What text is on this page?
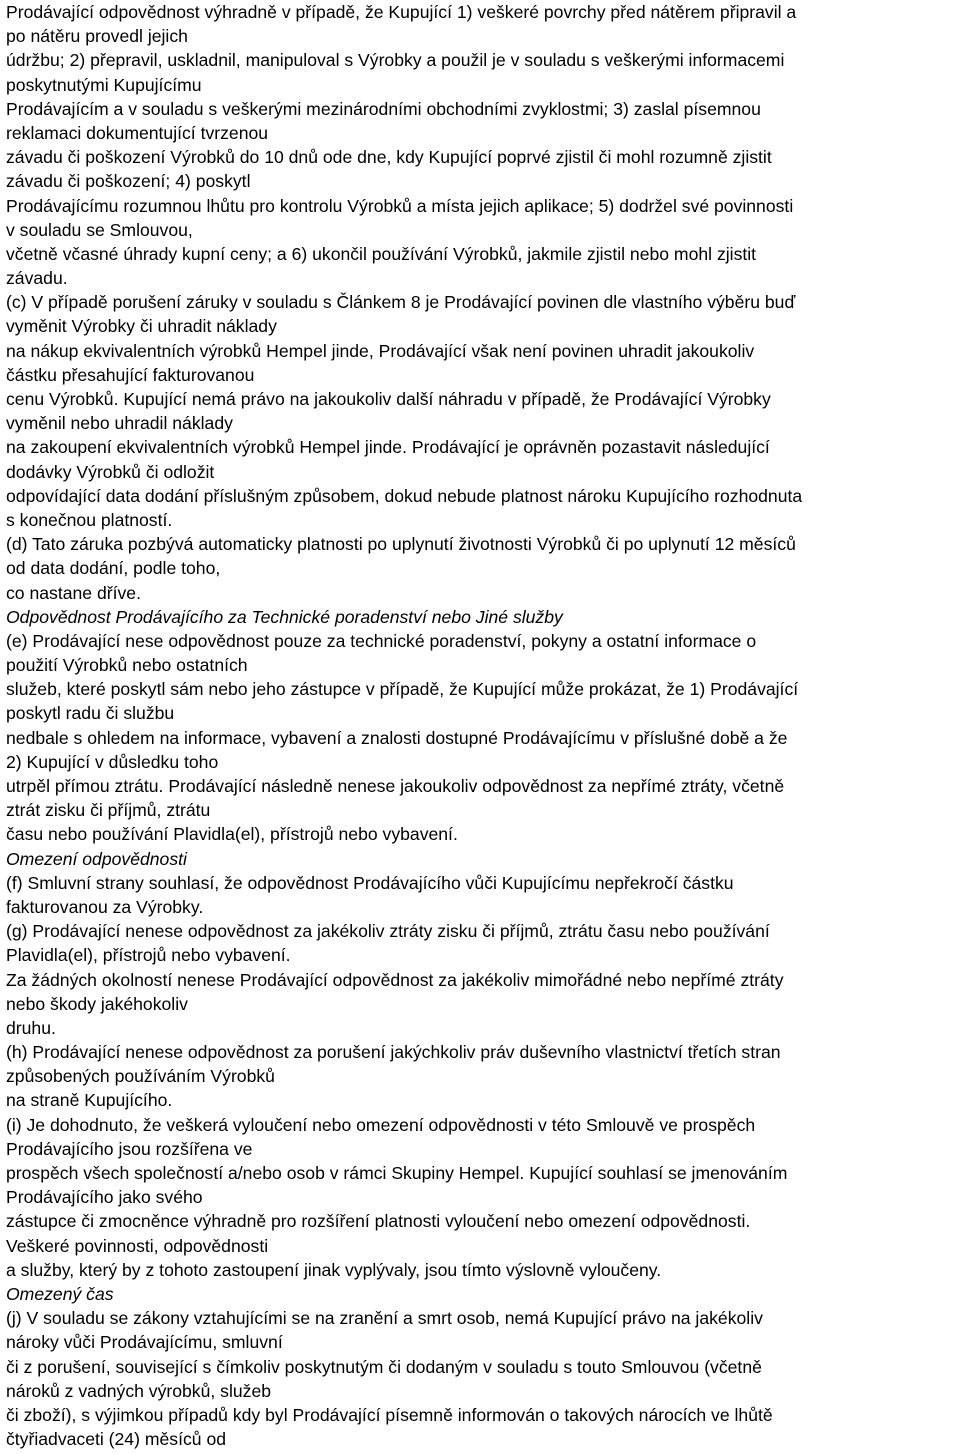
Prodávající odpovědnost výhradně v případě, že Kupující 1) veškeré povrchy před nátěrem připravil a
po nátěru provedl jejich
údržbu; 2) přepravil, uskladnil, manipuloval s Výrobky a použil je v souladu s veškerými informacemi
poskytnutými Kupujícímu
Prodávajícím a v souladu s veškerými mezinárodními obchodními zvyklostmi; 3) zaslal písemnou
reklamaci dokumentující tvrzenou
závadu či poškození Výrobků do 10 dnů ode dne, kdy Kupující poprvé zjistil či mohl rozumně zjistit
závadu či poškození; 4) poskytl
Prodávajícímu rozumnou lhůtu pro kontrolu Výrobků a místa jejich aplikace; 5) dodržel své povinnosti
v souladu se Smlouvou,
včetně včasné úhrady kupní ceny; a 6) ukončil používání Výrobků, jakmile zjistil nebo mohl zjistit
závadu.
(c) V případě porušení záruky v souladu s Článkem 8 je Prodávající povinen dle vlastního výběru buď
vyměnit Výrobky či uhradit náklady
na nákup ekvivalentních výrobků Hempel jinde, Prodávající však není povinen uhradit jakoukoliv
částku přesahující fakturovanou
cenu Výrobků. Kupující nemá právo na jakoukoliv další náhradu v případě, že Prodávající Výrobky
vyměnil nebo uhradil náklady
na zakoupení ekvivalentních výrobků Hempel jinde. Prodávající je oprávněn pozastavit následující
dodávky Výrobků či odložit
odpovídající data dodání příslušným způsobem, dokud nebude platnost nároku Kupujícího rozhodnuta
s konečnou platností.
(d) Tato záruka pozbývá automaticky platnosti po uplynutí životnosti Výrobků či po uplynutí 12 měsíců
od data dodání, podle toho,
co nastane dříve.
Odpovědnost Prodávajícího za Technické poradenství nebo Jiné služby
(e) Prodávající nese odpovědnost pouze za technické poradenství, pokyny a ostatní informace o
použití Výrobků nebo ostatních
služeb, které poskytl sám nebo jeho zástupce v případě, že Kupující může prokázat, že 1) Prodávající
poskytl radu či službu
nedbale s ohledem na informace, vybavení a znalosti dostupné Prodávajícímu v příslušné době a že
2) Kupující v důsledku toho
utrpěl přímou ztrátu. Prodávající následně nenese jakoukoliv odpovědnost za nepřímé ztráty, včetně
ztrát zisku či příjmů, ztrátu
času nebo používání Plavidla(el), přístrojů nebo vybavení.
Omezení odpovědnosti
(f) Smluvní strany souhlasí, že odpovědnost Prodávajícího vůči Kupujícímu nepřekročí částku
fakturovanou za Výrobky.
(g) Prodávající nenese odpovědnost za jakékoliv ztráty zisku či příjmů, ztrátu času nebo používání
Plavidla(el), přístrojů nebo vybavení.
Za žádných okolností nenese Prodávající odpovědnost za jakékoliv mimořádné nebo nepřímé ztráty
nebo škody jakéhokoliv
druhu.
(h) Prodávající nenese odpovědnost za porušení jakýchkoliv práv duševního vlastnictví třetích stran
způsobených používáním Výrobků
na straně Kupujícího.
(i) Je dohodnuto, že veškerá vyloučení nebo omezení odpovědnosti v této Smlouvě ve prospěch
Prodávajícího jsou rozšířena ve
prospěch všech společností a/nebo osob v rámci Skupiny Hempel. Kupující souhlasí se jmenováním
Prodávajícího jako svého
zástupce či zmocněnce výhradně pro rozšíření platnosti vyloučení nebo omezení odpovědnosti.
Veškeré povinnosti, odpovědnosti
a služby, který by z tohoto zastoupení jinak vyplývaly, jsou tímto výslovně vyloučeny.
Omezený čas
(j) V souladu se zákony vztahujícími se na zranění a smrt osob, nemá Kupující právo na jakékoliv
nároky vůči Prodávajícímu, smluvní
či z porušení, související s čímkoliv poskytnutým či dodaným v souladu s touto Smlouvou (včetně
nároků z vadných výrobků, služeb
či zboží), s výjimkou případů kdy byl Prodávající písemně informován o takových nárocích ve lhůtě
čtyřiadvaceti (24) měsíců od
